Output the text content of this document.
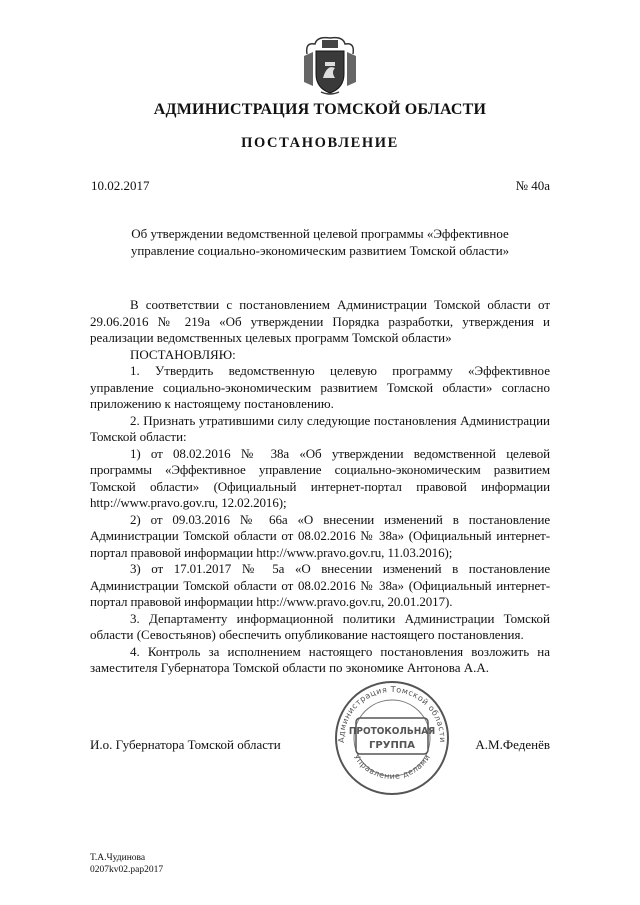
АДМИНИСТРАЦИЯ ТОМСКОЙ ОБЛАСТИ
ПОСТАНОВЛЕНИЕ
10.02.2017	№ 40а
Об утверждении ведомственной целевой программы «Эффективное управление социально-экономическим развитием Томской области»

В соответствии с постановлением Администрации Томской области от 29.06.2016 № 219а «Об утверждении Порядка разработки, утверждения и реализации ведомственных целевых программ Томской области»

ПОСТАНОВЛЯЮ:

1. Утвердить ведомственную целевую программу «Эффективное управление социально-экономическим развитием Томской области» согласно приложению к настоящему постановлению.

2. Признать утратившими силу следующие постановления Администрации Томской области:

1) от 08.02.2016 № 38а «Об утверждении ведомственной целевой программы «Эффективное управление социально-экономическим развитием Томской области» (Официальный интернет-портал правовой информации http://www.pravo.gov.ru, 12.02.2016);

2) от 09.03.2016 № 66а «О внесении изменений в постановление Администрации Томской области от 08.02.2016 № 38а» (Официальный интернет-портал правовой информации http://www.pravo.gov.ru, 11.03.2016);

3) от 17.01.2017 № 5а «О внесении изменений в постановление Администрации Томской области от 08.02.2016 № 38а» (Официальный интернет-портал правовой информации http://www.pravo.gov.ru, 20.01.2017).

3. Департаменту информационной политики Администрации Томской области (Севостьянов) обеспечить опубликование настоящего постановления.

4. Контроль за исполнением настоящего постановления возложить на заместителя Губернатора Томской области по экономике Антонова А.А.

И.о. Губернатора Томской области	А.М.Феденёв
Администрация Томской области
Управление делами
ПРОТОКОЛЬНАЯ
ГРУППА
Т.А.Чудинова
0207kv02.pap2017
